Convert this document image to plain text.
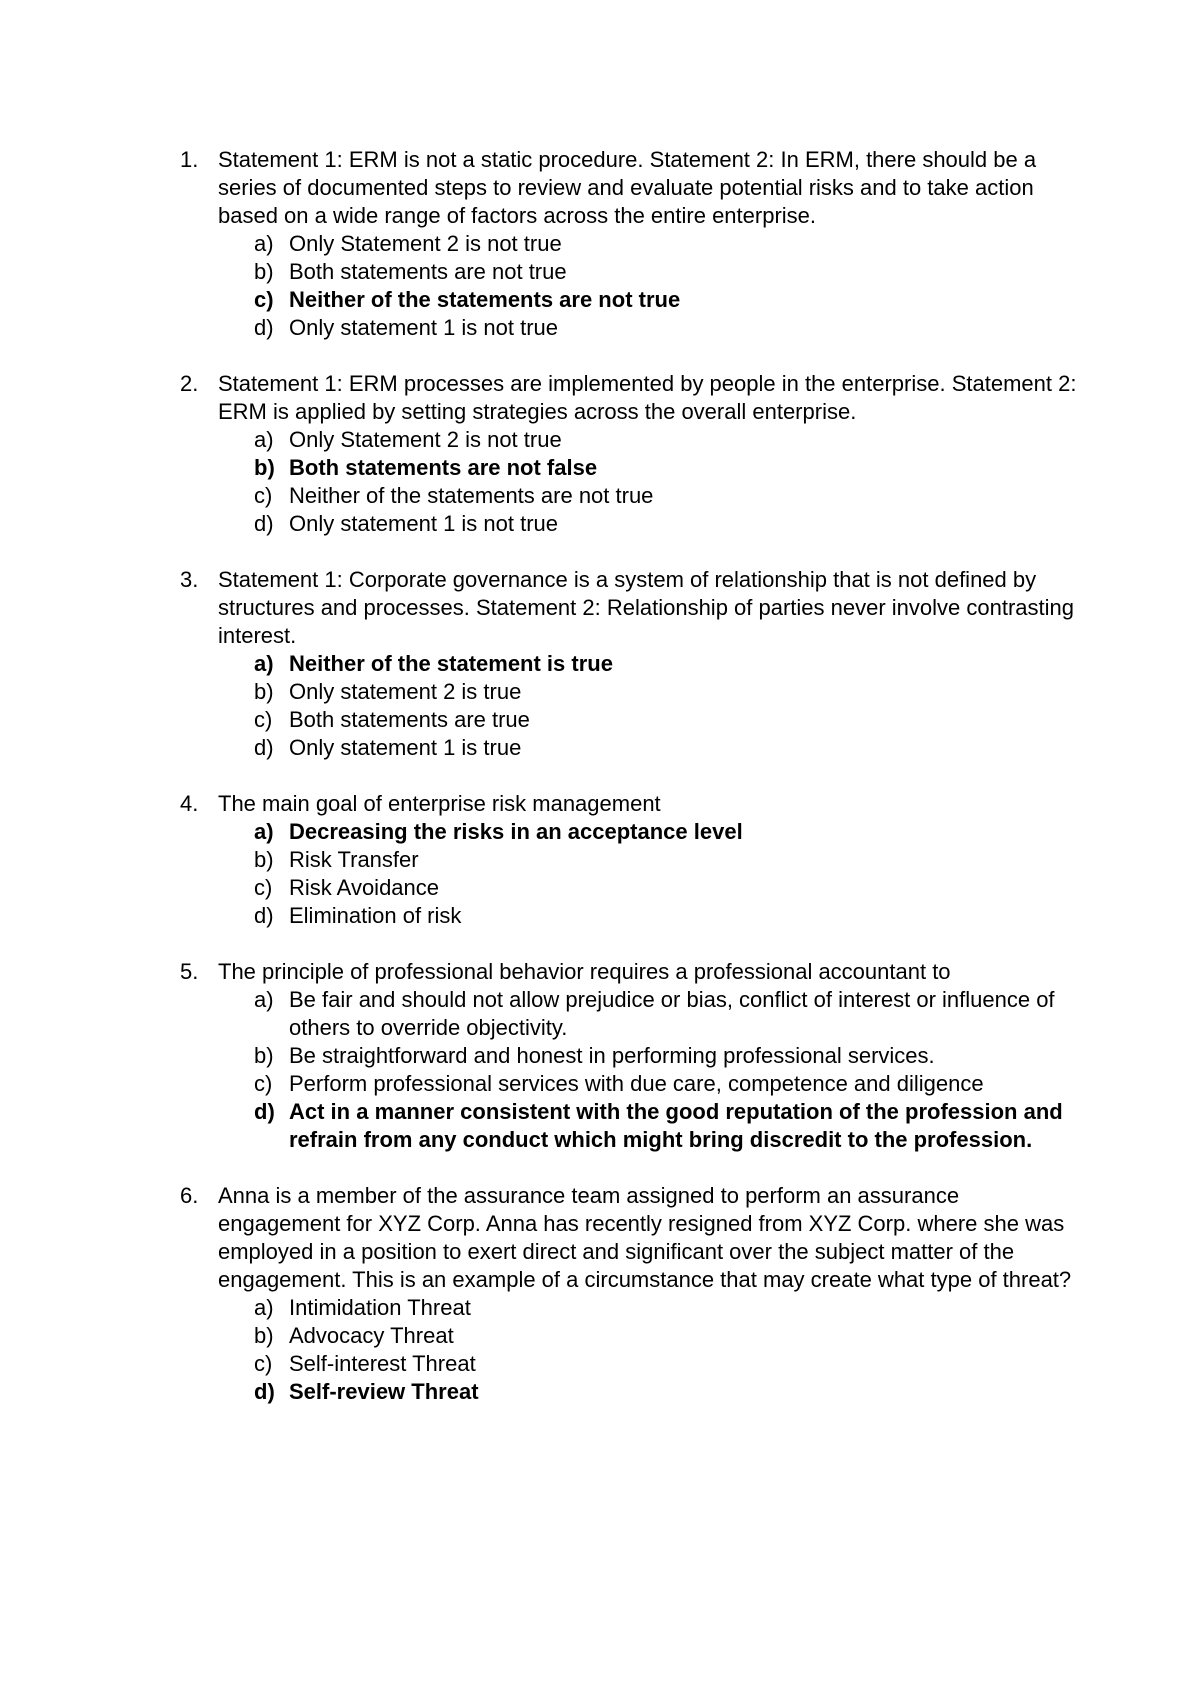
1. Statement 1: ERM is not a static procedure. Statement 2: In ERM, there should be a series of documented steps to review and evaluate potential risks and to take action based on a wide range of factors across the entire enterprise.
a) Only Statement 2 is not true
b) Both statements are not true
c) Neither of the statements are not true
d) Only statement 1 is not true
2. Statement 1: ERM processes are implemented by people in the enterprise. Statement 2: ERM is applied by setting strategies across the overall enterprise.
a) Only Statement 2 is not true
b) Both statements are not false
c) Neither of the statements are not true
d) Only statement 1 is not true
3. Statement 1: Corporate governance is a system of relationship that is not defined by structures and processes. Statement 2: Relationship of parties never involve contrasting interest.
a) Neither of the statement is true
b) Only statement 2 is true
c) Both statements are true
d) Only statement 1 is true
4. The main goal of enterprise risk management
a) Decreasing the risks in an acceptance level
b) Risk Transfer
c) Risk Avoidance
d) Elimination of risk
5. The principle of professional behavior requires a professional accountant to
a) Be fair and should not allow prejudice or bias, conflict of interest or influence of others to override objectivity.
b) Be straightforward and honest in performing professional services.
c) Perform professional services with due care, competence and diligence
d) Act in a manner consistent with the good reputation of the profession and refrain from any conduct which might bring discredit to the profession.
6. Anna is a member of the assurance team assigned to perform an assurance engagement for XYZ Corp. Anna has recently resigned from XYZ Corp. where she was employed in a position to exert direct and significant over the subject matter of the engagement. This is an example of a circumstance that may create what type of threat?
a) Intimidation Threat
b) Advocacy Threat
c) Self-interest Threat
d) Self-review Threat
